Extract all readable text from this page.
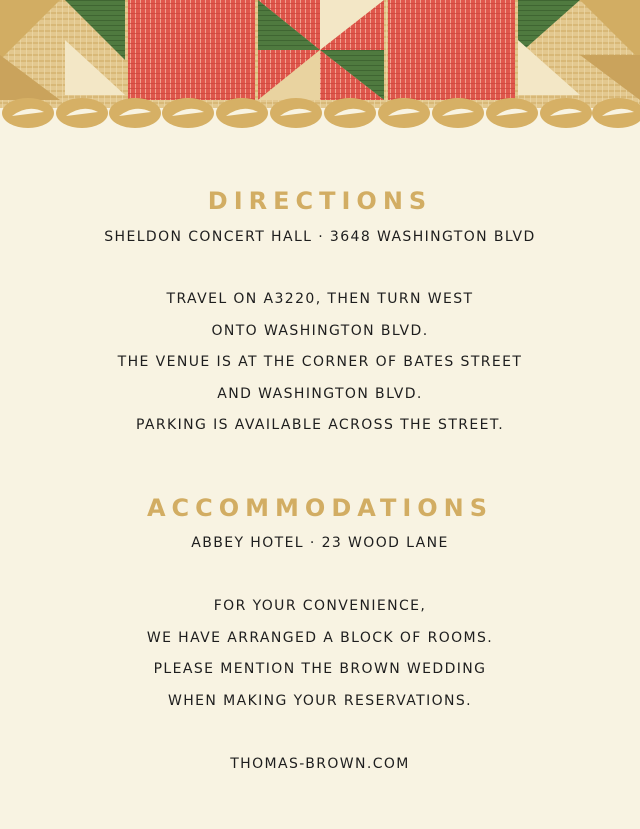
DIRECTIONS

SHELDON CONCERT HALL · 3648 WASHINGTON BLVD

TRAVEL ON A3220, THEN TURN WEST
ONTO WASHINGTON BLVD.
THE VENUE IS AT THE CORNER OF BATES STREET
AND WASHINGTON BLVD.
PARKING IS AVAILABLE ACROSS THE STREET.
ACCOMMODATIONS

ABBEY HOTEL · 23 WOOD LANE

FOR YOUR CONVENIENCE,
WE HAVE ARRANGED A BLOCK OF ROOMS.
PLEASE MENTION THE BROWN WEDDING
WHEN MAKING YOUR RESERVATIONS.
THOMAS-BROWN.COM
